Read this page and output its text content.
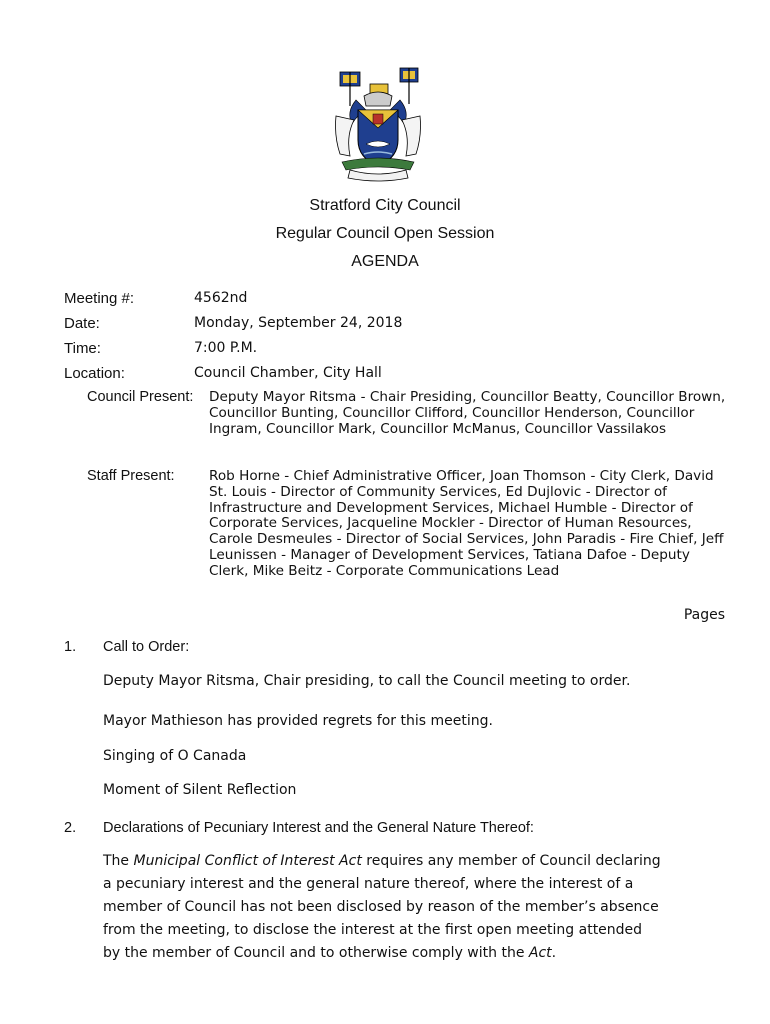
Stratford City Council
Regular Council Open Session
AGENDA
Meeting #:	4562nd
Date:	Monday, September 24, 2018
Time:	7:00 P.M.
Location:	Council Chamber, City Hall
Council Present: Deputy Mayor Ritsma - Chair Presiding, Councillor Beatty, Councillor Brown, Councillor Bunting, Councillor Clifford, Councillor Henderson, Councillor Ingram, Councillor Mark, Councillor McManus, Councillor Vassilakos
Staff Present:	Rob Horne - Chief Administrative Officer, Joan Thomson - City Clerk, David St. Louis - Director of Community Services, Ed Dujlovic - Director of Infrastructure and Development Services, Michael Humble - Director of Corporate Services, Jacqueline Mockler - Director of Human Resources, Carole Desmeules - Director of Social Services, John Paradis - Fire Chief, Jeff Leunissen - Manager of Development Services, Tatiana Dafoe - Deputy Clerk, Mike Beitz - Corporate Communications Lead
Pages
1. Call to Order:
Deputy Mayor Ritsma, Chair presiding, to call the Council meeting to order.
Mayor Mathieson has provided regrets for this meeting.
Singing of O Canada
Moment of Silent Reflection
2. Declarations of Pecuniary Interest and the General Nature Thereof:
The Municipal Conflict of Interest Act requires any member of Council declaring a pecuniary interest and the general nature thereof, where the interest of a member of Council has not been disclosed by reason of the member’s absence from the meeting, to disclose the interest at the first open meeting attended by the member of Council and to otherwise comply with the Act.
